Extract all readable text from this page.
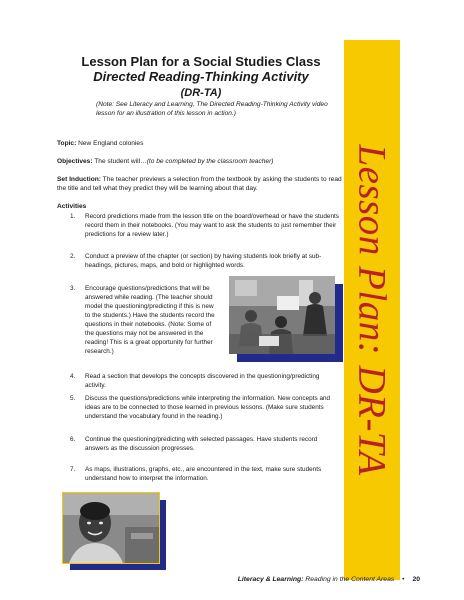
Lesson Plan: DR-TA
Lesson Plan for a Social Studies Class
Directed Reading-Thinking Activity
(DR-TA)
(Note: See Literacy and Learning, The Directed Reading-Thinking Activity video lesson for an illustration of this lesson in action.)
Topic: New England colonies
Objectives: The student will…(to be completed by the classroom teacher)
Set Induction: The teacher previews a selection from the textbook by asking the students to read the title and tell what they predict they will be learning about that day.
Activities
1.	Record predictions made from the lesson title on the board/overhead or have the students record them in their notebooks. (You may want to ask the students to just remember their predictions for a review later.)
2.	Conduct a preview of the chapter (or section) by having students look briefly at sub-headings, pictures, maps, and bold or highlighted words.
3.	Encourage questions/predictions that will be answered while reading. (The teacher should model the questioning/predicting if this is new to the students.) Have the students record the questions in their notebooks. (Note: Some of the questions may not be answered in the reading! This is a great opportunity for further research.)
4.	Read a section that develops the concepts discovered in the questioning/predicting activity.
5.	Discuss the questions/predictions while interpreting the information. New concepts and ideas are to be connected to those learned in previous lessons. (Make sure students understand the vocabulary found in the reading.)
6.	Continue the questioning/predicting with selected passages. Have students record answers as the discussion progresses.
7.	As maps, illustrations, graphs, etc., are encountered in the text, make sure students understand how to interpret the information.
Literacy & Learning: Reading in the Content Areas • 20
